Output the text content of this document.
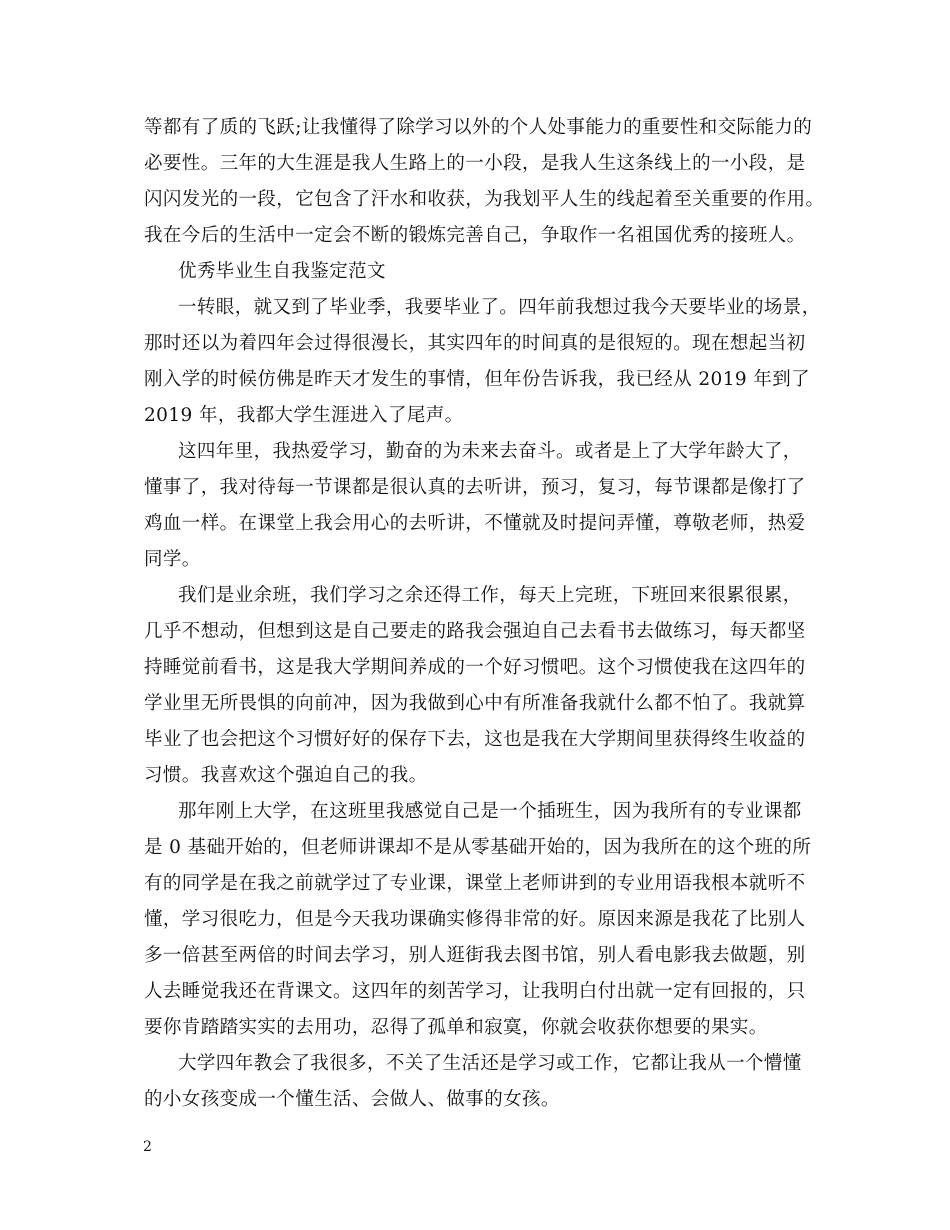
等都有了质的飞跃;让我懂得了除学习以外的个人处事能力的重要性和交际能力的
必要性。三年的大生涯是我人生路上的一小段，是我人生这条线上的一小段，是
闪闪发光的一段，它包含了汗水和收获，为我划平人生的线起着至关重要的作用。
我在今后的生活中一定会不断的锻炼完善自己，争取作一名祖国优秀的接班人。
优秀毕业生自我鉴定范文
一转眼，就又到了毕业季，我要毕业了。四年前我想过我今天要毕业的场景，
那时还以为着四年会过得很漫长，其实四年的时间真的是很短的。现在想起当初
刚入学的时候仿佛是昨天才发生的事情，但年份告诉我，我已经从 2019 年到了
2019 年，我都大学生涯进入了尾声。
这四年里，我热爱学习，勤奋的为未来去奋斗。或者是上了大学年龄大了，
懂事了，我对待每一节课都是很认真的去听讲，预习，复习，每节课都是像打了
鸡血一样。在课堂上我会用心的去听讲，不懂就及时提问弄懂，尊敬老师，热爱
同学。
我们是业余班，我们学习之余还得工作，每天上完班，下班回来很累很累，
几乎不想动，但想到这是自己要走的路我会强迫自己去看书去做练习，每天都坚
持睡觉前看书，这是我大学期间养成的一个好习惯吧。这个习惯使我在这四年的
学业里无所畏惧的向前冲，因为我做到心中有所准备我就什么都不怕了。我就算
毕业了也会把这个习惯好好的保存下去，这也是我在大学期间里获得终生收益的
习惯。我喜欢这个强迫自己的我。
那年刚上大学，在这班里我感觉自己是一个插班生，因为我所有的专业课都
是 0 基础开始的，但老师讲课却不是从零基础开始的，因为我所在的这个班的所
有的同学是在我之前就学过了专业课，课堂上老师讲到的专业用语我根本就听不
懂，学习很吃力，但是今天我功课确实修得非常的好。原因来源是我花了比别人
多一倍甚至两倍的时间去学习，别人逛街我去图书馆，别人看电影我去做题，别
人去睡觉我还在背课文。这四年的刻苦学习，让我明白付出就一定有回报的，只
要你肯踏踏实实的去用功，忍得了孤单和寂寞，你就会收获你想要的果实。
大学四年教会了我很多，不关了生活还是学习或工作，它都让我从一个懵懂
的小女孩变成一个懂生活、会做人、做事的女孩。
2
